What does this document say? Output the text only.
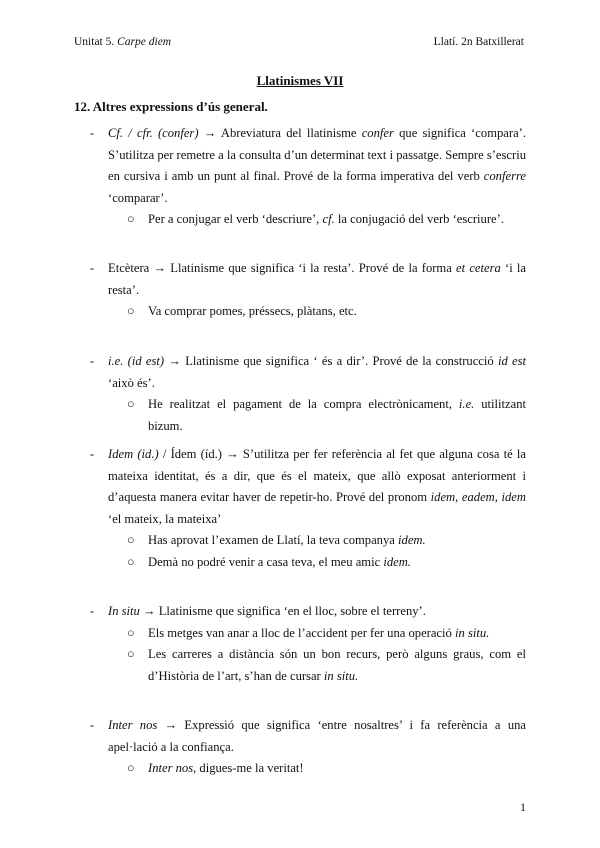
Unitat 5. Carpe diem	Llatí. 2n Batxillerat
Llatinismes VII
12. Altres expressions d’ús general.
- Cf. / cfr. (confer) → Abreviatura del llatinisme confer que significa ‘compara’. S’utilitza per remetre a la consulta d’un determinat text i passatge. Sempre s’escriu en cursiva i amb un punt al final. Prové de la forma imperativa del verb conferre ‘comparar’.
○ Per a conjugar el verb ‘descriure’, cf. la conjugació del verb ‘escriure’.
- Etcètera → Llatinisme que significa ‘i la resta’. Prové de la forma et cetera ‘i la resta’.
○ Va comprar pomes, préssecs, plàtans, etc.
- i.e. (id est) → Llatinisme que significa ‘ és a dir’. Prové de la construcció id est ‘això és’.
○ He realitzat el pagament de la compra electrònicament, i.e. utilitzant bizum.
- Idem (id.) / Ídem (íd.) → S’utilitza per fer referència al fet que alguna cosa té la mateixa identitat, és a dir, que és el mateix, que allò exposat anteriorment i d’aquesta manera evitar haver de repetir-ho. Prové del pronom idem, eadem, idem ‘el mateix, la mateixa’
○ Has aprovat l’examen de Llatí, la teva companya idem.
○ Demà no podré venir a casa teva, el meu amic idem.
- In situ → Llatinisme que significa ‘en el lloc, sobre el terreny’.
○ Els metges van anar a lloc de l’accident per fer una operació in situ.
○ Les carreres a distància són un bon recurs, però alguns graus, com el d’Història de l’art, s’han de cursar in situ.
- Inter nos → Expressió que significa ‘entre nosaltres’ i fa referència a una apel·lació a la confiança.
○ Inter nos, digues-me la veritat!
1
